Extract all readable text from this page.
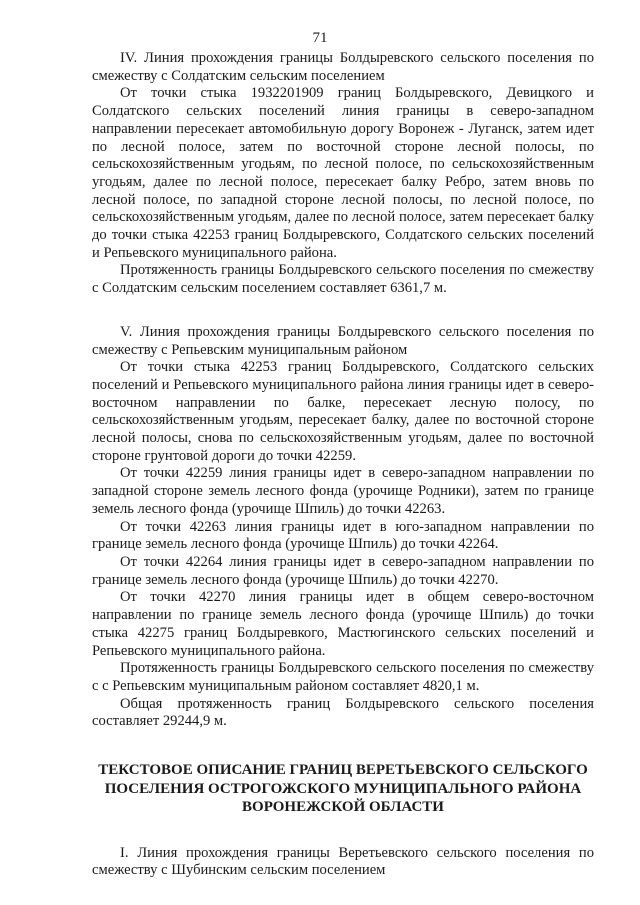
71

IV. Линия прохождения границы Болдыревского сельского поселения по смежеству с Солдатским сельским поселением

От точки стыка 1932201909 границ Болдыревского, Девицкого и Солдатского сельских поселений линия границы в северо-западном направлении пересекает автомобильную дорогу Воронеж - Луганск, затем идет по лесной полосе, затем по восточной стороне лесной полосы, по сельскохозяйственным угодьям, по лесной полосе, по сельскохозяйственным угодьям, далее по лесной полосе, пересекает балку Ребро, затем вновь по лесной полосе, по западной стороне лесной полосы, по лесной полосе, по сельскохозяйственным угодьям, далее по лесной полосе, затем пересекает балку до точки стыка 42253 границ Болдыревского, Солдатского сельских поселений и Репьевского муниципального района.

Протяженность границы Болдыревского сельского поселения по смежеству с Солдатским сельским поселением составляет 6361,7 м.

V. Линия прохождения границы Болдыревского сельского поселения по смежеству с Репьевским муниципальным районом

От точки стыка 42253 границ Болдыревского, Солдатского сельских поселений и Репьевского муниципального района линия границы идет в северо-восточном направлении по балке, пересекает лесную полосу, по сельскохозяйственным угодьям, пересекает балку, далее по восточной стороне лесной полосы, снова по сельскохозяйственным угодьям, далее по восточной стороне грунтовой дороги до точки 42259.

От точки 42259 линия границы идет в северо-западном направлении по западной стороне земель лесного фонда (урочище Родники), затем по границе земель лесного фонда (урочище Шпиль) до точки 42263.

От точки 42263 линия границы идет в юго-западном направлении по границе земель лесного фонда (урочище Шпиль) до точки 42264.

От точки 42264 линия границы идет в северо-западном направлении по границе земель лесного фонда (урочище Шпиль) до точки 42270.

От точки 42270 линия границы идет в общем северо-восточном направлении по границе земель лесного фонда (урочище Шпиль) до точки стыка 42275 границ Болдыревкого, Мастюгинского сельских поселений и Репьевского муниципального района.

Протяженность границы Болдыревского сельского поселения по смежеству с с Репьевским муниципальным районом составляет 4820,1 м.

Общая протяженность границ Болдыревского сельского поселения составляет 29244,9 м.

ТЕКСТОВОЕ ОПИСАНИЕ ГРАНИЦ ВЕРЕТЬЕВСКОГО СЕЛЬСКОГО
ПОСЕЛЕНИЯ ОСТРОГОЖСКОГО МУНИЦИПАЛЬНОГО РАЙОНА
ВОРОНЕЖСКОЙ ОБЛАСТИ

I. Линия прохождения границы Веретьевского сельского поселения по смежеству с Шубинским сельским поселением
